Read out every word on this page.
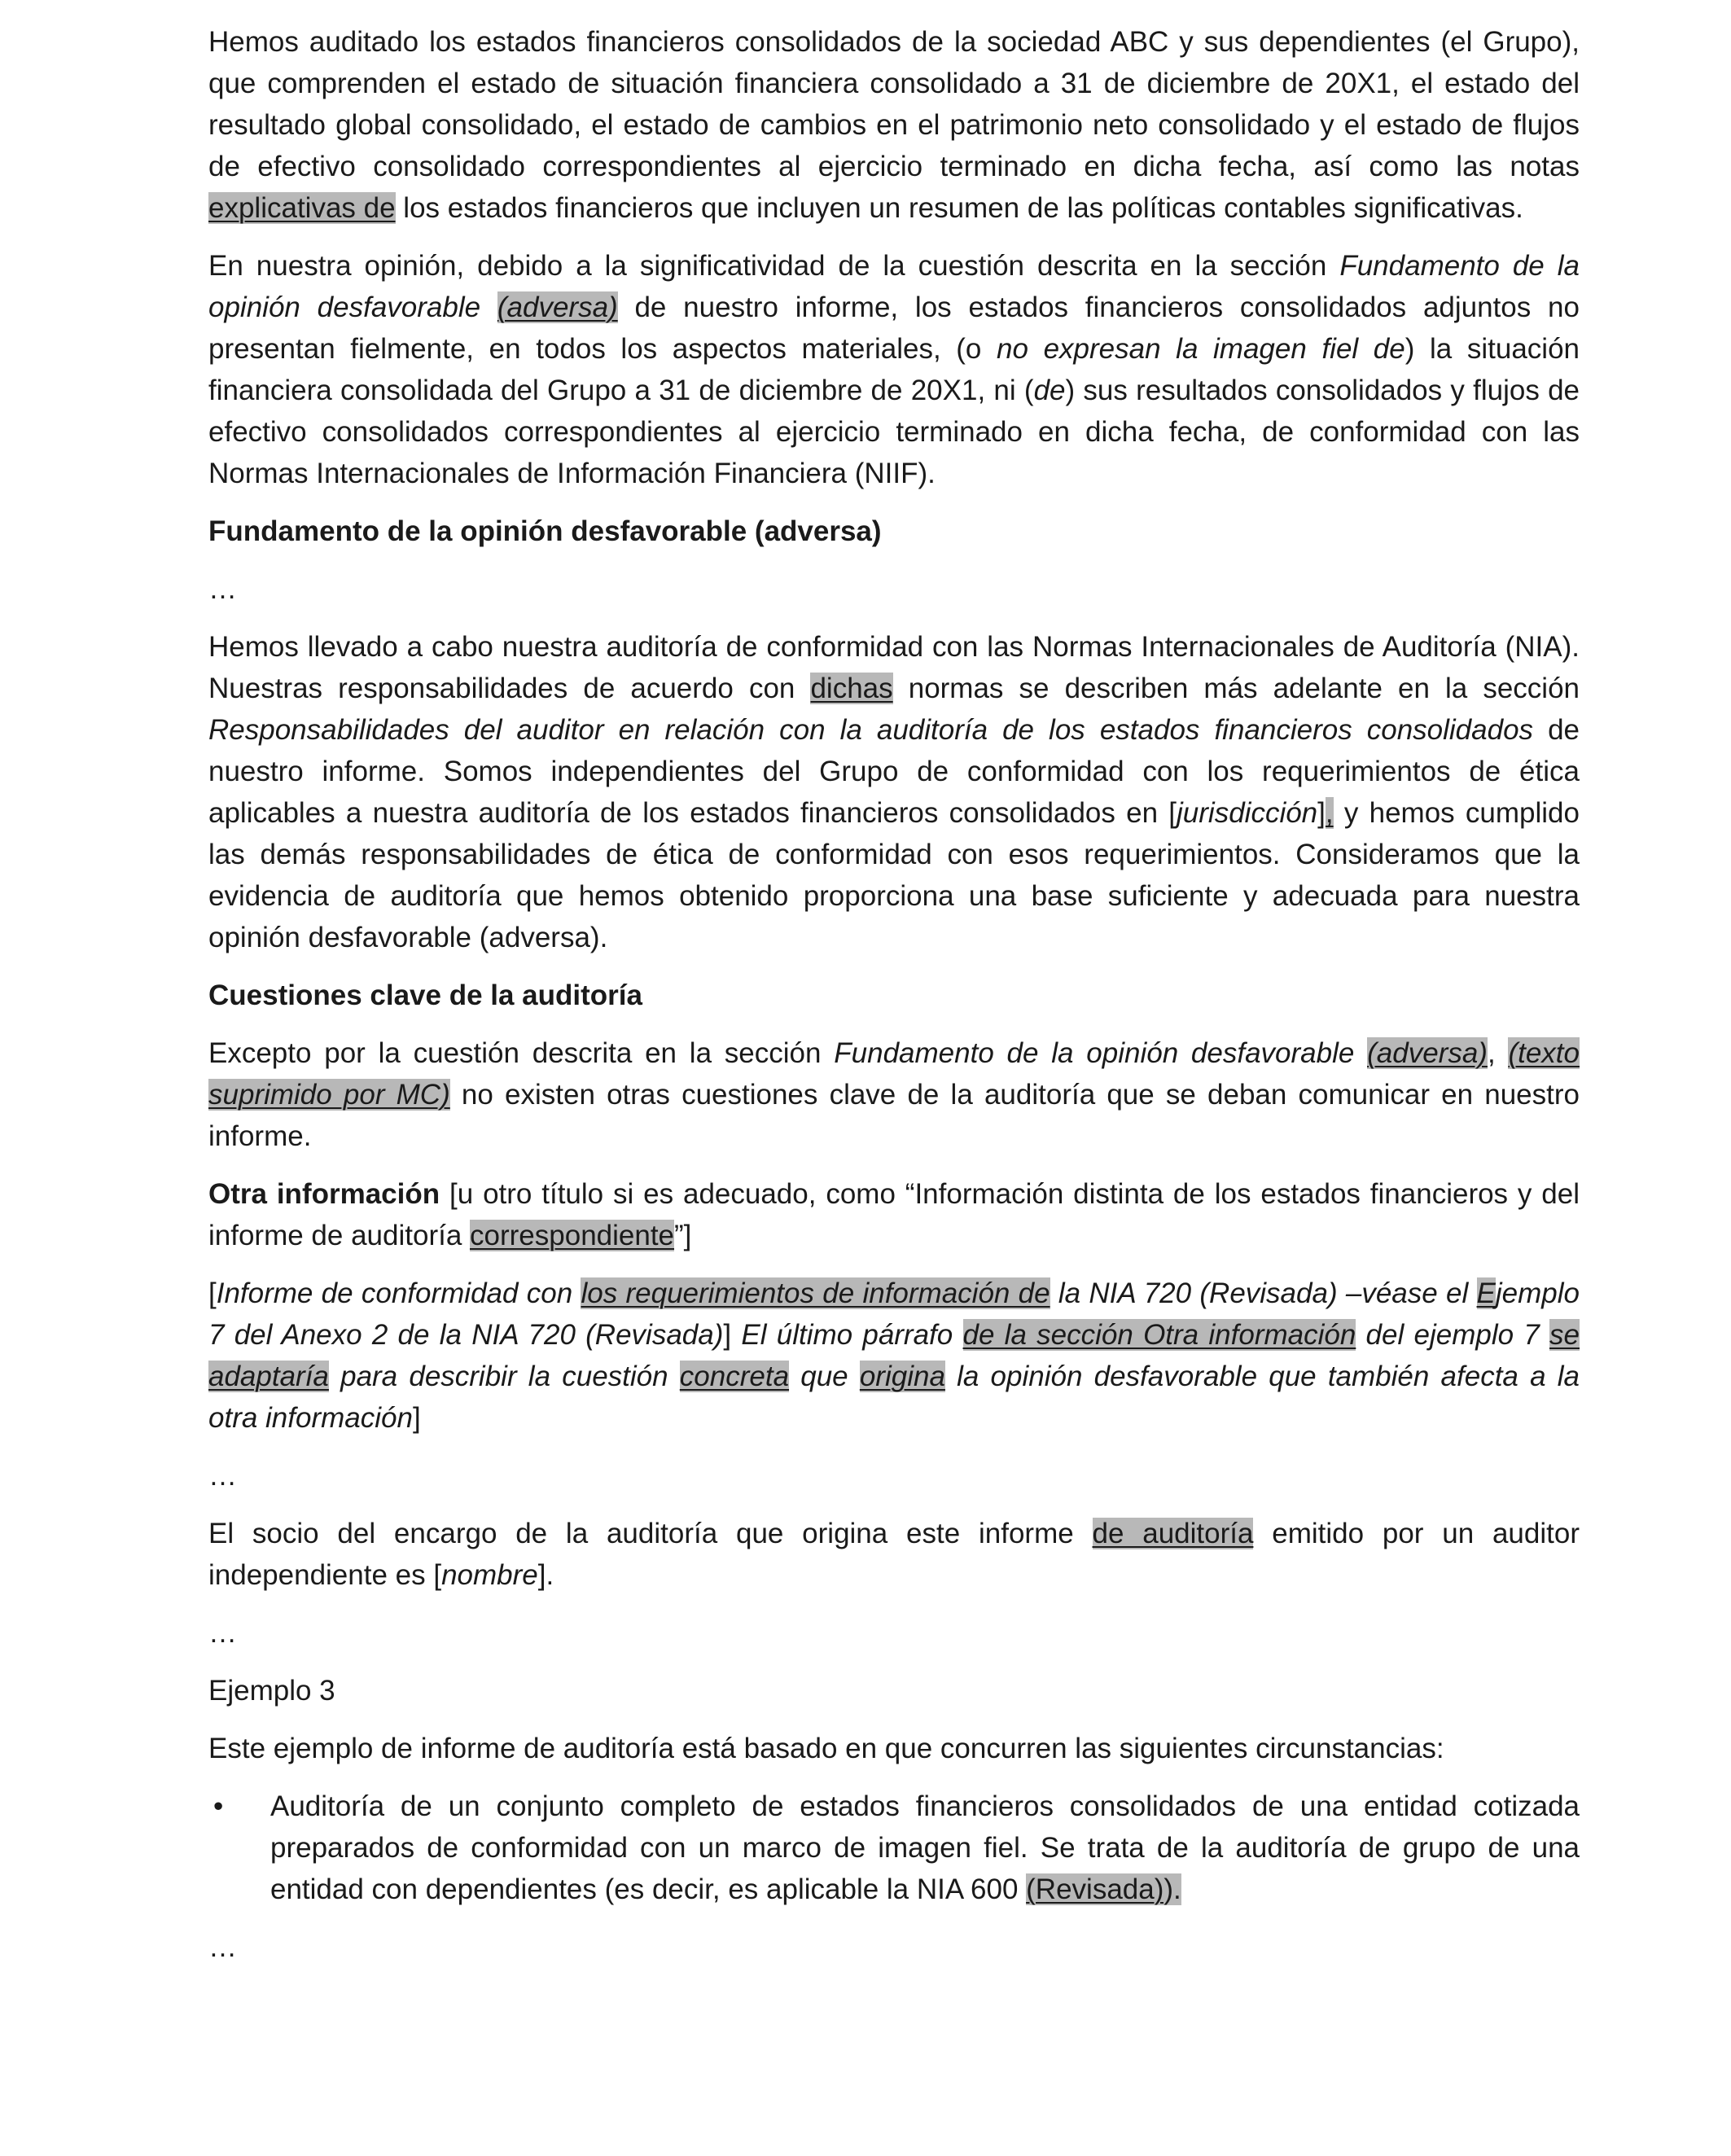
Hemos auditado los estados financieros consolidados de la sociedad ABC y sus dependientes (el Grupo), que comprenden el estado de situación financiera consolidado a 31 de diciembre de 20X1, el estado del resultado global consolidado, el estado de cambios en el patrimonio neto consolidado y el estado de flujos de efectivo consolidado correspondientes al ejercicio terminado en dicha fecha, así como las notas explicativas de los estados financieros que incluyen un resumen de las políticas contables significativas.

En nuestra opinión, debido a la significatividad de la cuestión descrita en la sección Fundamento de la opinión desfavorable (adversa) de nuestro informe, los estados financieros consolidados adjuntos no presentan fielmente, en todos los aspectos materiales, (o no expresan la imagen fiel de) la situación financiera consolidada del Grupo a 31 de diciembre de 20X1, ni (de) sus resultados consolidados y flujos de efectivo consolidados correspondientes al ejercicio terminado en dicha fecha, de conformidad con las Normas Internacionales de Información Financiera (NIIF).

Fundamento de la opinión desfavorable (adversa)

…

Hemos llevado a cabo nuestra auditoría de conformidad con las Normas Internacionales de Auditoría (NIA). Nuestras responsabilidades de acuerdo con dichas normas se describen más adelante en la sección Responsabilidades del auditor en relación con la auditoría de los estados financieros consolidados de nuestro informe. Somos independientes del Grupo de conformidad con los requerimientos de ética aplicables a nuestra auditoría de los estados financieros consolidados en [jurisdicción], y hemos cumplido las demás responsabilidades de ética de conformidad con esos requerimientos. Consideramos que la evidencia de auditoría que hemos obtenido proporciona una base suficiente y adecuada para nuestra opinión desfavorable (adversa).

Cuestiones clave de la auditoría

Excepto por la cuestión descrita en la sección Fundamento de la opinión desfavorable (adversa), (texto suprimido por MC) no existen otras cuestiones clave de la auditoría que se deban comunicar en nuestro informe.

Otra información [u otro título si es adecuado, como “Información distinta de los estados financieros y del informe de auditoría correspondiente”]

[Informe de conformidad con los requerimientos de información de la NIA 720 (Revisada) –véase el Ejemplo 7 del Anexo 2 de la NIA 720 (Revisada)] El último párrafo de la sección Otra información del ejemplo 7 se adaptaría para describir la cuestión concreta que origina la opinión desfavorable que también afecta a la otra información]

…

El socio del encargo de la auditoría que origina este informe de auditoría emitido por un auditor independiente es [nombre].

…

Ejemplo 3

Este ejemplo de informe de auditoría está basado en que concurren las siguientes circunstancias:

• Auditoría de un conjunto completo de estados financieros consolidados de una entidad cotizada preparados de conformidad con un marco de imagen fiel. Se trata de la auditoría de grupo de una entidad con dependientes (es decir, es aplicable la NIA 600 (Revisada)).

…
